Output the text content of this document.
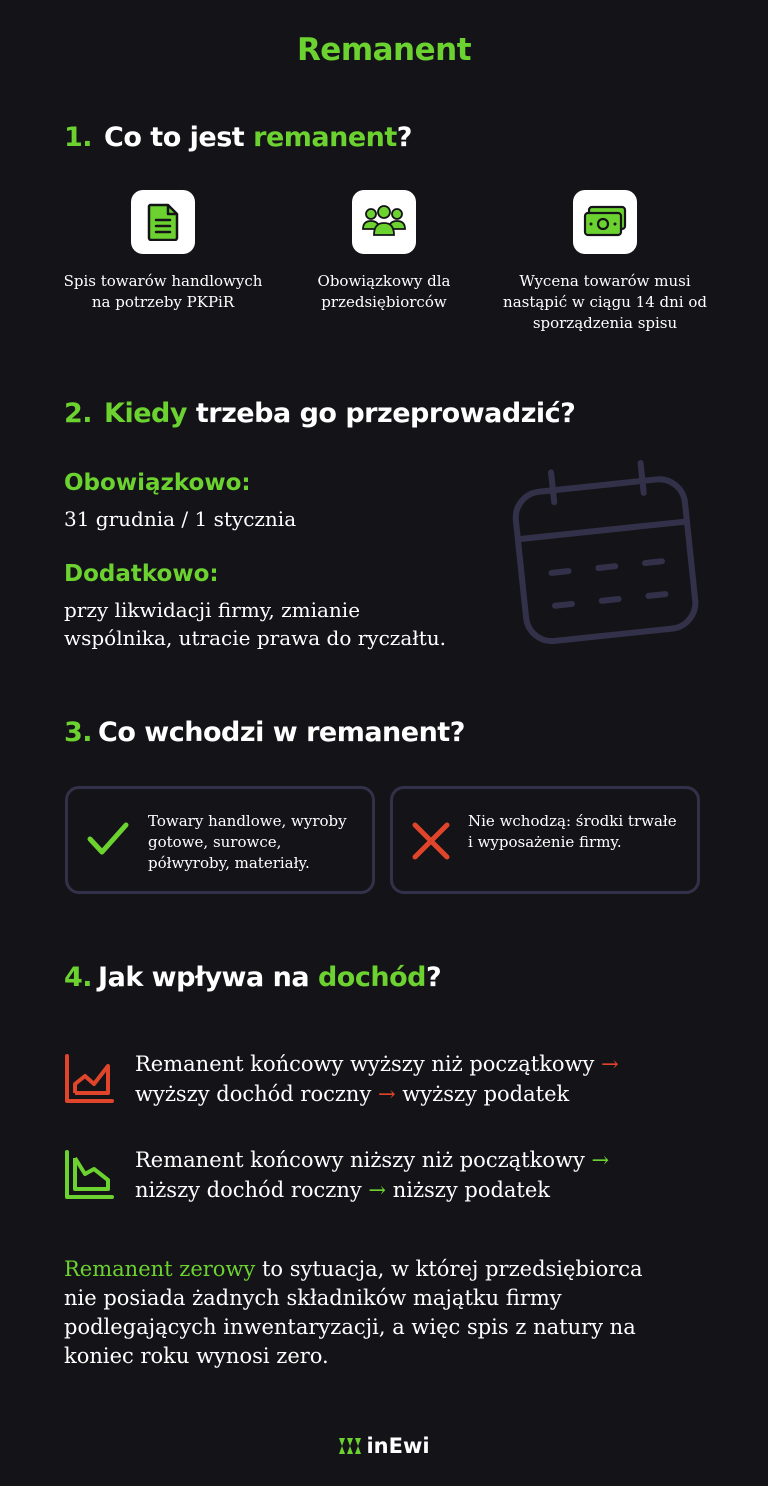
Remanent
1. Co to jest remanent?
Spis towarów handlowych na potrzeby PKPiR
Obowiązkowy dla przedsiębiorców
Wycena towarów musi nastąpić w ciągu 14 dni od sporządzenia spisu
2. Kiedy trzeba go przeprowadzić?
Obowiązkowo:
31 grudnia / 1 stycznia
Dodatkowo:
przy likwidacji firmy, zmianie
wspólnika, utracie prawa do ryczałtu.
3. Co wchodzi w remanent?
Towary handlowe, wyroby gotowe, surowce, półwyroby, materiały.
Nie wchodzą: środki trwałe i wyposażenie firmy.
4. Jak wpływa na dochód?
Remanent końcowy wyższy niż początkowy →
wyższy dochód roczny → wyższy podatek
Remanent końcowy niższy niż początkowy →
niższy dochód roczny → niższy podatek
Remanent zerowy to sytuacja, w której przedsiębiorca
nie posiada żadnych składników majątku firmy
podlegających inwentaryzacji, a więc spis z natury na
koniec roku wynosi zero.
inEwi
